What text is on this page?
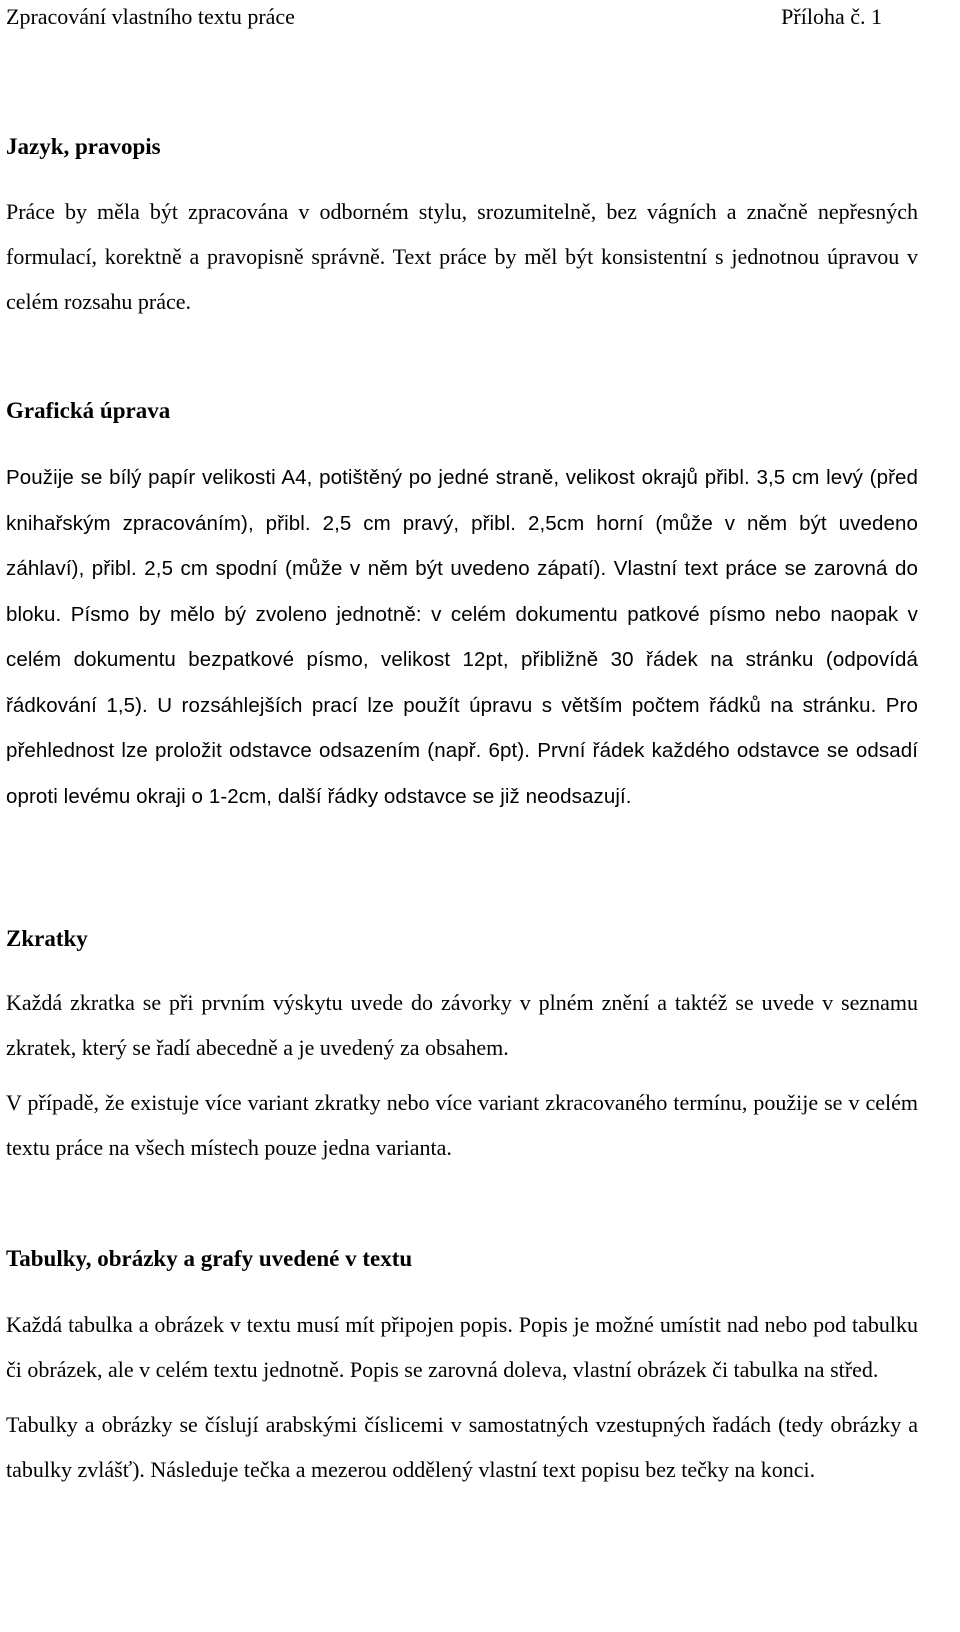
Zpracování vlastního textu práce	Příloha č. 1
Jazyk, pravopis

Práce by měla být zpracována v odborném stylu, srozumitelně, bez vágních a značně nepřesných formulací, korektně a pravopisně správně. Text práce by měl být konsistentní s jednotnou úpravou v celém rozsahu práce.

Grafická úprava

Použije se bílý papír velikosti A4, potištěný po jedné straně, velikost okrajů přibl. 3,5 cm levý (před knihařským zpracováním), přibl. 2,5 cm pravý, přibl. 2,5cm horní (může v něm být uvedeno záhlaví), přibl. 2,5 cm spodní (může v něm být uvedeno zápatí). Vlastní text práce se zarovná do bloku. Písmo by mělo bý zvoleno jednotně: v celém dokumentu patkové písmo nebo naopak v celém dokumentu bezpatkové písmo, velikost 12pt, přibližně 30 řádek na stránku (odpovídá řádkování 1,5). U rozsáhlejších prací lze použít úpravu s větším počtem řádků na stránku. Pro přehlednost lze proložit odstavce odsazením (např. 6pt). První řádek každého odstavce se odsadí oproti levému okraji o 1-2cm, další řádky odstavce se již neodsazují.

Zkratky

Každá zkratka se při prvním výskytu uvede do závorky v plném znění a taktéž se uvede v seznamu zkratek, který se řadí abecedně a je uvedený za obsahem.

V případě, že existuje více variant zkratky nebo více variant zkracovaného termínu, použije se v celém textu práce na všech místech pouze jedna varianta.

Tabulky, obrázky a grafy uvedené v textu

Každá tabulka a obrázek v textu musí mít připojen popis. Popis je možné umístit nad nebo pod tabulku či obrázek, ale v celém textu jednotně. Popis se zarovná doleva, vlastní obrázek či tabulka na střed.

Tabulky a obrázky se číslují arabskými číslicemi v samostatných vzestupných řadách (tedy obrázky a tabulky zvlášť). Následuje tečka a mezerou oddělený vlastní text popisu bez tečky na konci.
